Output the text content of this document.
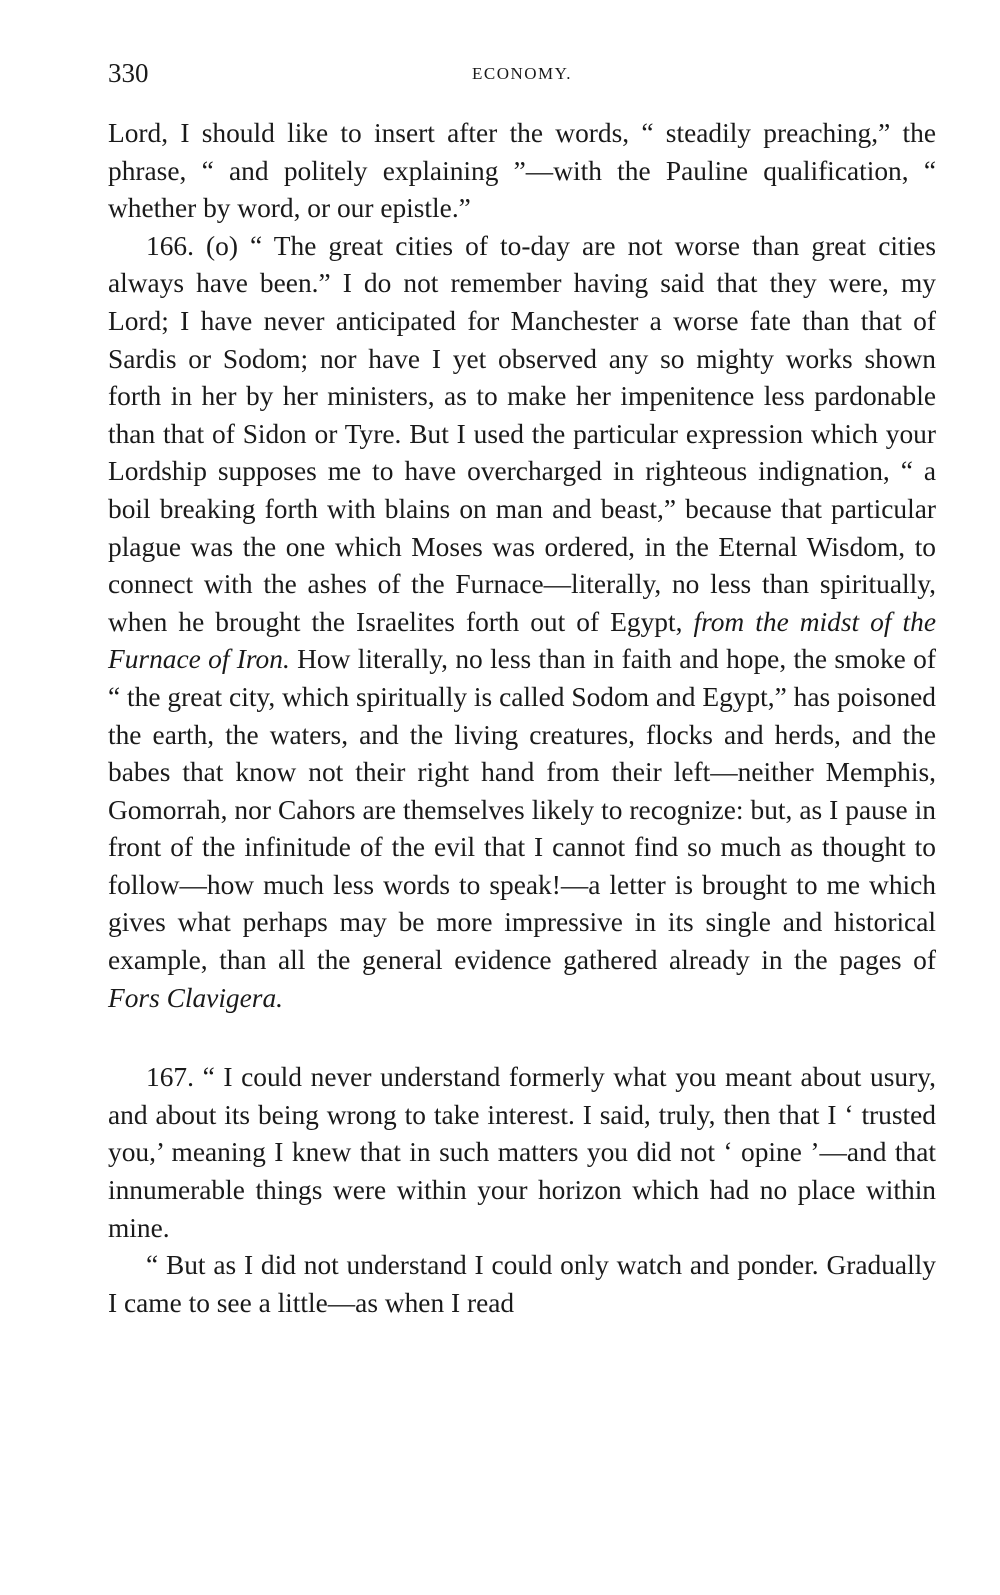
330	ECONOMY.

Lord, I should like to insert after the words, “ steadily preaching,” the phrase, “ and politely explaining ”—with the Pauline qualification, “ whether by word, or our epistle.”

166. (o) “ The great cities of to-day are not worse than great cities always have been.” I do not remember having said that they were, my Lord; I have never anticipated for Manchester a worse fate than that of Sardis or Sodom; nor have I yet observed any so mighty works shown forth in her by her ministers, as to make her impenitence less pardonable than that of Sidon or Tyre. But I used the particular expression which your Lordship supposes me to have overcharged in righteous indignation, “ a boil breaking forth with blains on man and beast,” because that particular plague was the one which Moses was ordered, in the Eternal Wisdom, to connect with the ashes of the Furnace—literally, no less than spiritually, when he brought the Israelites forth out of Egypt, from the midst of the Furnace of Iron. How literally, no less than in faith and hope, the smoke of “ the great city, which spiritually is called Sodom and Egypt,” has poisoned the earth, the waters, and the living creatures, flocks and herds, and the babes that know not their right hand from their left—neither Memphis, Gomorrah, nor Cahors are themselves likely to recognize: but, as I pause in front of the infinitude of the evil that I cannot find so much as thought to follow—how much less words to speak!—a letter is brought to me which gives what perhaps may be more impressive in its single and historical example, than all the general evidence gathered already in the pages of Fors Clavigera.

167. “ I could never understand formerly what you meant about usury, and about its being wrong to take interest. I said, truly, then that I ‘ trusted you,’ meaning I knew that in such matters you did not ‘ opine ’—and that innumerable things were within your horizon which had no place within mine.

“ But as I did not understand I could only watch and ponder. Gradually I came to see a little—as when I read
